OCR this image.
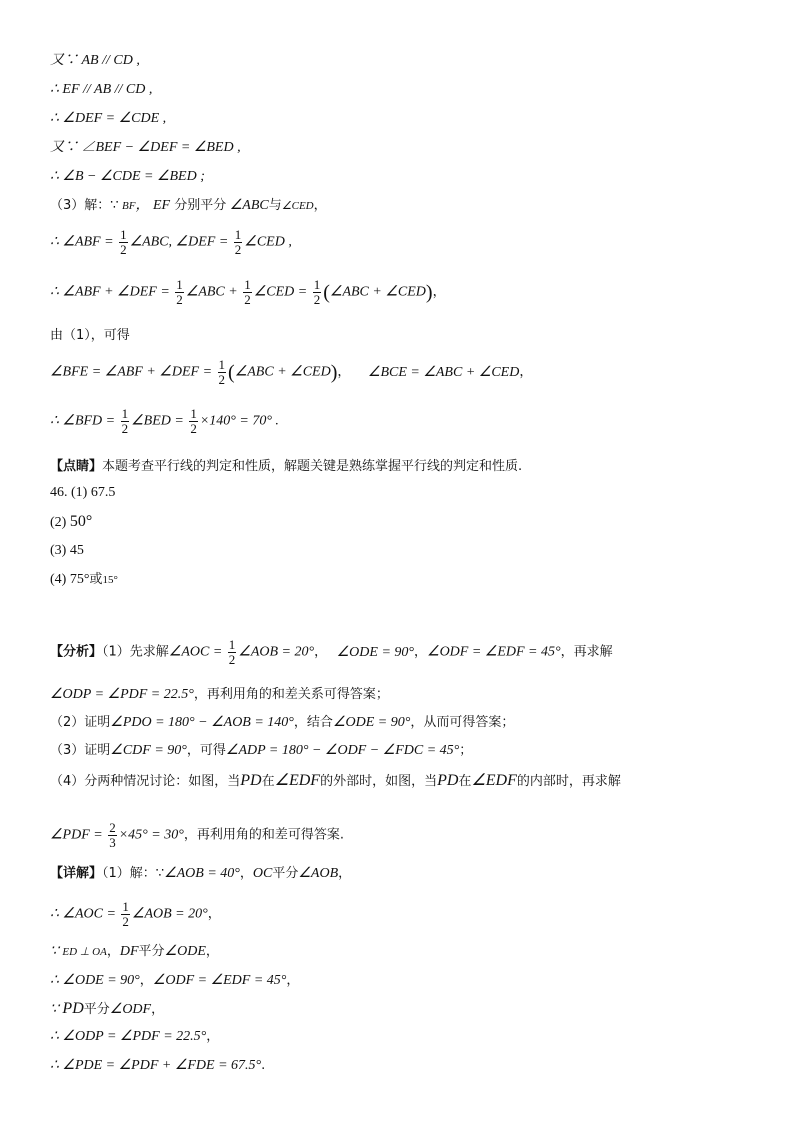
又∵ AB // CD ,
∴ EF // AB // CD ,
∴ ∠DEF = ∠CDE ,
又∵ ∠BEF − ∠DEF = ∠BED ,
∴ ∠B − ∠CDE = ∠BED ;
（3）解：∵ BF， EF 分别平分 ∠ABC与∠CED，
∴ ∠ABF = $\frac{1}{2}$ ∠ABC, ∠DEF = $\frac{1}{2}$ ∠CED ,
∴ ∠ABF + ∠DEF = $\frac{1}{2}$ ∠ABC + $\frac{1}{2}$ ∠CED = $\frac{1}{2}$ (∠ABC + ∠CED)，
由（1），可得
∠BFE = ∠ABF + ∠DEF = $\frac{1}{2}$ (∠ABC + ∠CED)， ∠BCE = ∠ABC + ∠CED，
∴ ∠BFD = $\frac{1}{2}$ ∠BED = $\frac{1}{2} \times 140^\circ = 70^\circ$ .
【点睛】本题考查平行线的判定和性质，解题关键是熟练掌握平行线的判定和性质.
46. (1) 67.5
(2) 50°
(3) 45
(4) 75°或15°
【分析】（1）先求解∠AOC = $\frac{1}{2}$ ∠AOB = 20°， ∠ODE = 90°，∠ODF = ∠EDF = 45°，再求解
∠ODP = ∠PDF = 22.5°，再利用角的和差关系可得答案；
（2）证明∠PDO = 180° − ∠AOB = 140°，结合∠ODE = 90°，从而可得答案；
（3）证明∠CDF = 90°，可得∠ADP = 180° − ∠ODF − ∠FDC = 45°；
（4）分两种情况讨论：如图，当PD在∠EDF的外部时，如图，当PD在∠EDF的内部时，再求解
∠PDF = $\frac{2}{3} \times 45^\circ = 30^\circ$，再利用角的和差可得答案.
【详解】（1）解：∵∠AOB = 40°，OC平分∠AOB，
∴ ∠AOC = $\frac{1}{2}$ ∠AOB = 20°，
∵ ED ⊥ OA，DF平分∠ODE，
∴ ∠ODE = 90°，∠ODF = ∠EDF = 45°，
∵ PD平分∠ODF，
∴ ∠ODP = ∠PDF = 22.5°，
∴ ∠PDE = ∠PDF + ∠FDE = 67.5°.
